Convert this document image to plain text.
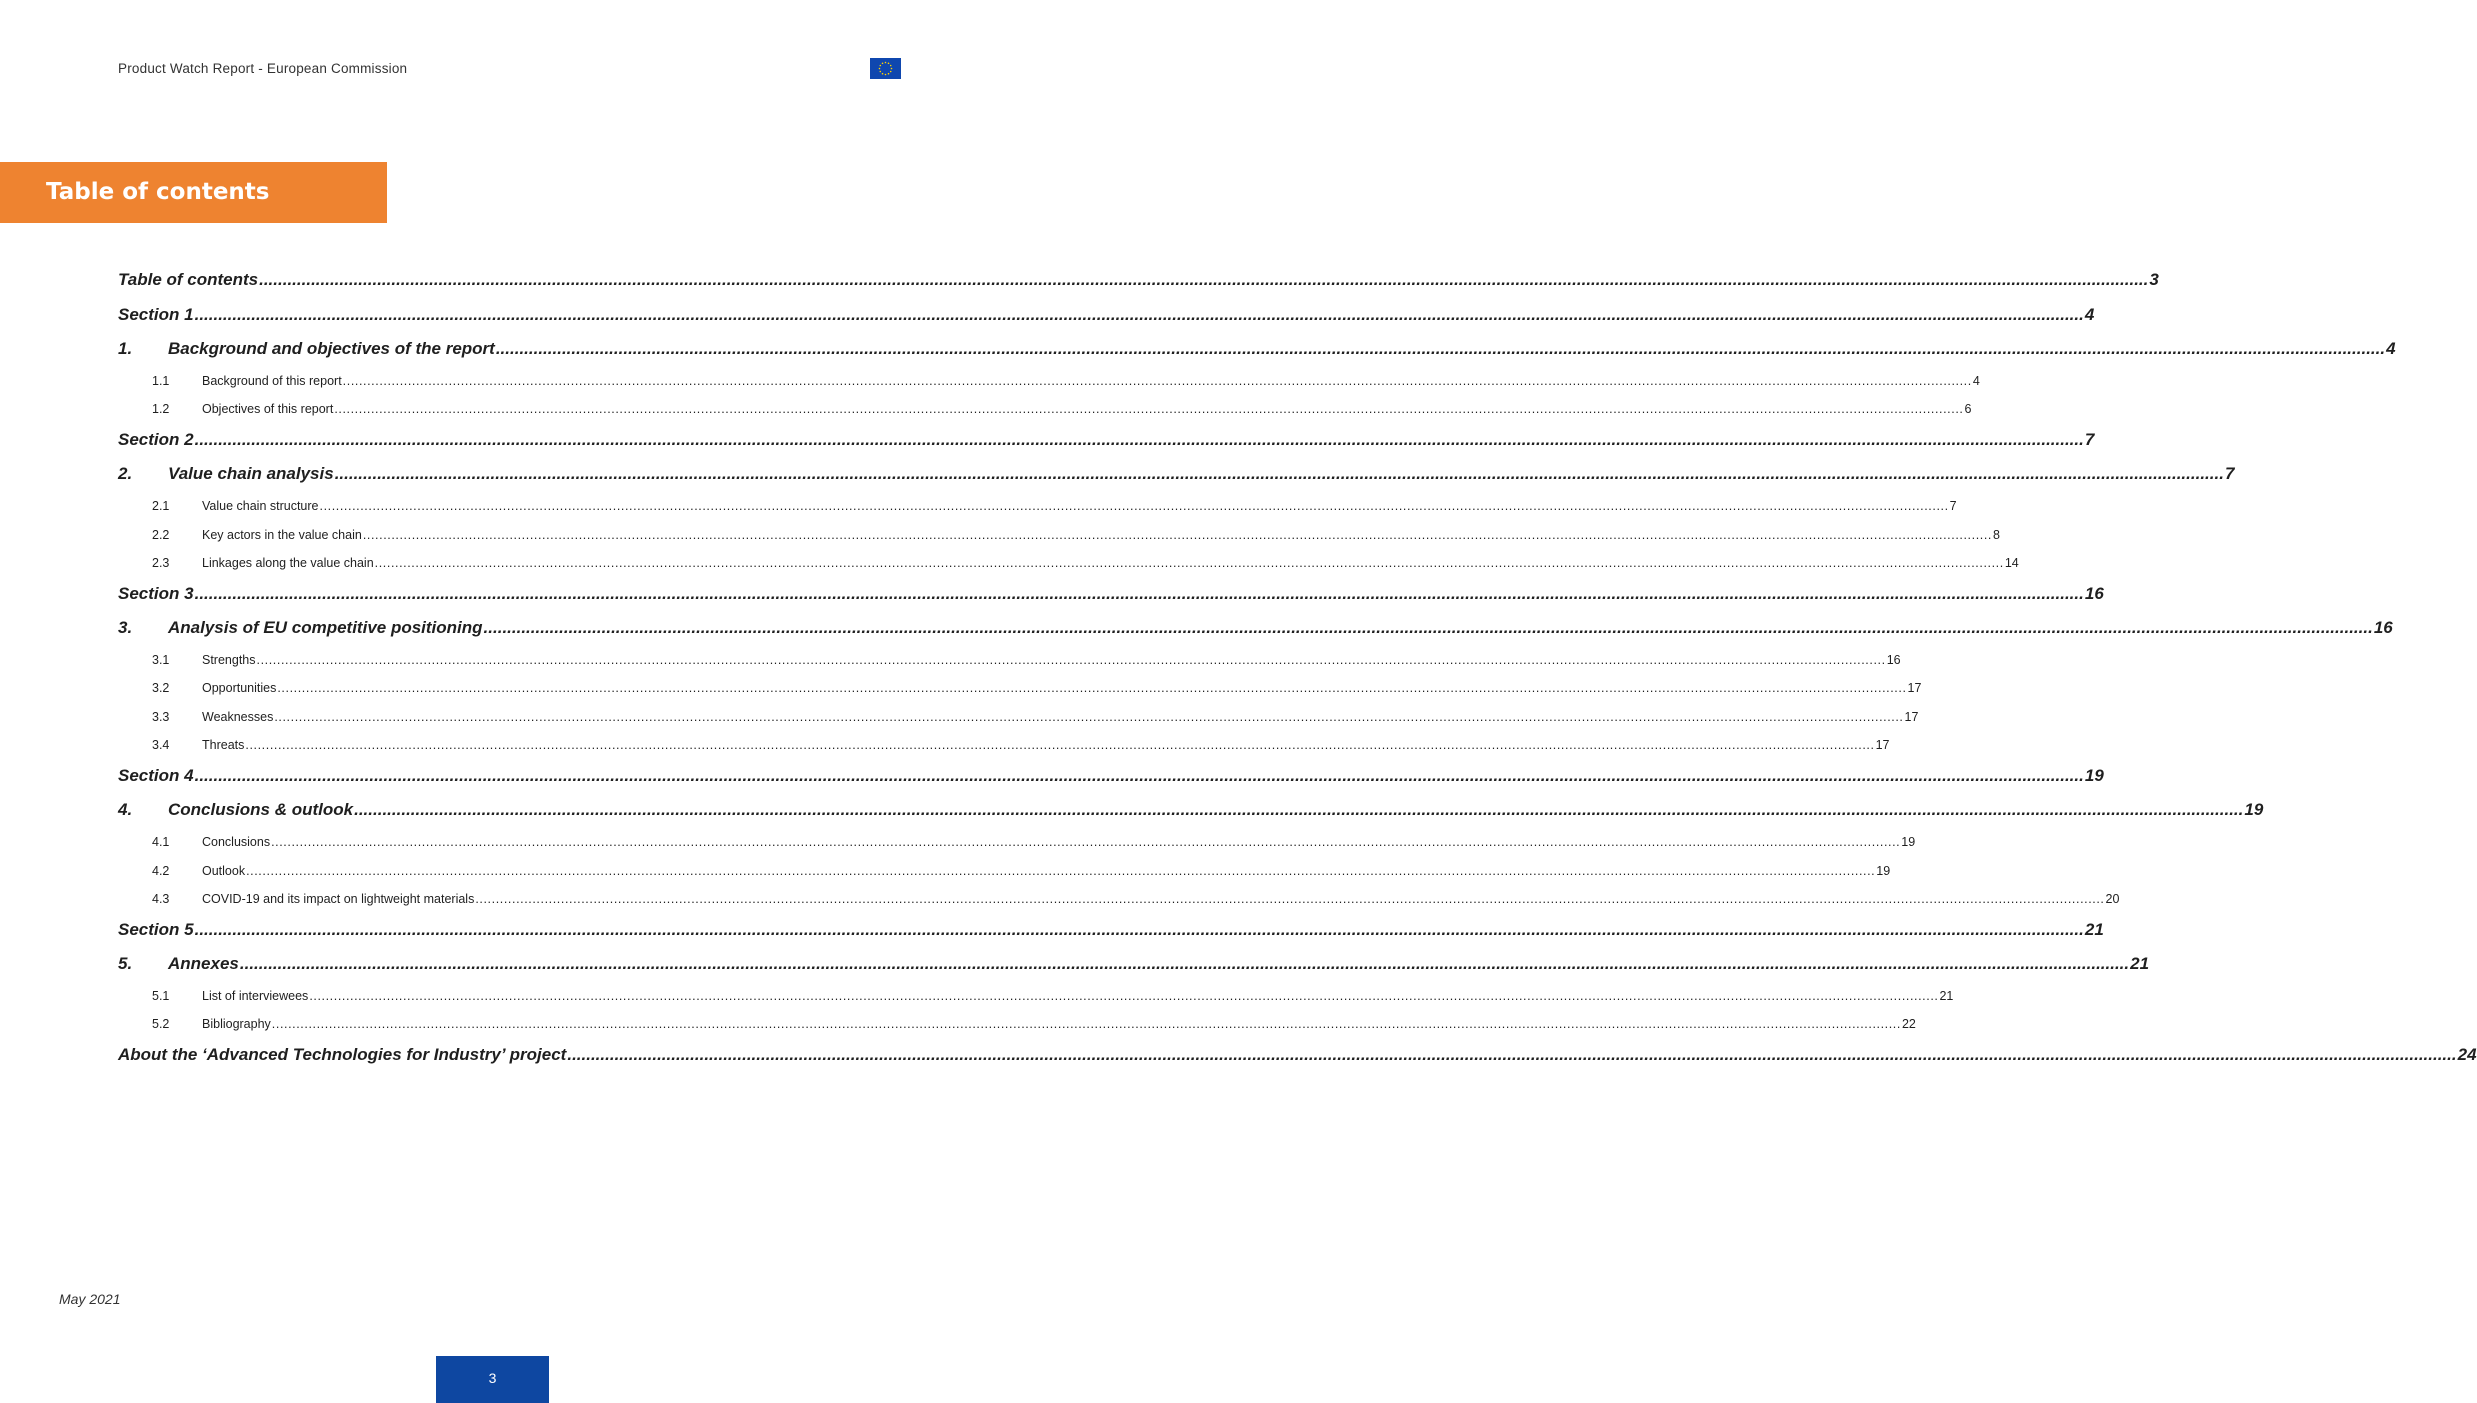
Product Watch Report - European Commission
Table of contents
Table of contents ................................................................................................................................................................................................................................................................................................................................................................................................................ 3
Section 1 ................................................................................................................................................................................................................................................................................................................................................................................................................ 4
1.	Background and objectives of the report ................................................................................................................................................................................................................................................................................................................................................................................................................ 4
1.1	Background of this report ................................................................................................................................................................................................................................................................................................................................................................................................................ 4
1.2	Objectives of this report ................................................................................................................................................................................................................................................................................................................................................................................................................ 6
Section 2 ................................................................................................................................................................................................................................................................................................................................................................................................................ 7
2.	Value chain analysis ................................................................................................................................................................................................................................................................................................................................................................................................................ 7
2.1	Value chain structure ................................................................................................................................................................................................................................................................................................................................................................................................................ 7
2.2	Key actors in the value chain ................................................................................................................................................................................................................................................................................................................................................................................................................ 8
2.3	Linkages along the value chain ................................................................................................................................................................................................................................................................................................................................................................................................................ 14
Section 3 ................................................................................................................................................................................................................................................................................................................................................................................................................ 16
3.	Analysis of EU competitive positioning ................................................................................................................................................................................................................................................................................................................................................................................................................ 16
3.1	Strengths ................................................................................................................................................................................................................................................................................................................................................................................................................ 16
3.2	Opportunities ................................................................................................................................................................................................................................................................................................................................................................................................................ 17
3.3	Weaknesses ................................................................................................................................................................................................................................................................................................................................................................................................................ 17
3.4	Threats ................................................................................................................................................................................................................................................................................................................................................................................................................ 17
Section 4 ................................................................................................................................................................................................................................................................................................................................................................................................................ 19
4.	Conclusions & outlook ................................................................................................................................................................................................................................................................................................................................................................................................................ 19
4.1	Conclusions ................................................................................................................................................................................................................................................................................................................................................................................................................ 19
4.2	Outlook ................................................................................................................................................................................................................................................................................................................................................................................................................ 19
4.3	COVID-19 and its impact on lightweight materials ................................................................................................................................................................................................................................................................................................................................................................................................................ 20
Section 5 ................................................................................................................................................................................................................................................................................................................................................................................................................ 21
5.	Annexes ................................................................................................................................................................................................................................................................................................................................................................................................................ 21
5.1	List of interviewees ................................................................................................................................................................................................................................................................................................................................................................................................................ 21
5.2	Bibliography ................................................................................................................................................................................................................................................................................................................................................................................................................ 22
About the ‘Advanced Technologies for Industry’ project ................................................................................................................................................................................................................................................................................................................................................................................................................ 24
May 2021
3
